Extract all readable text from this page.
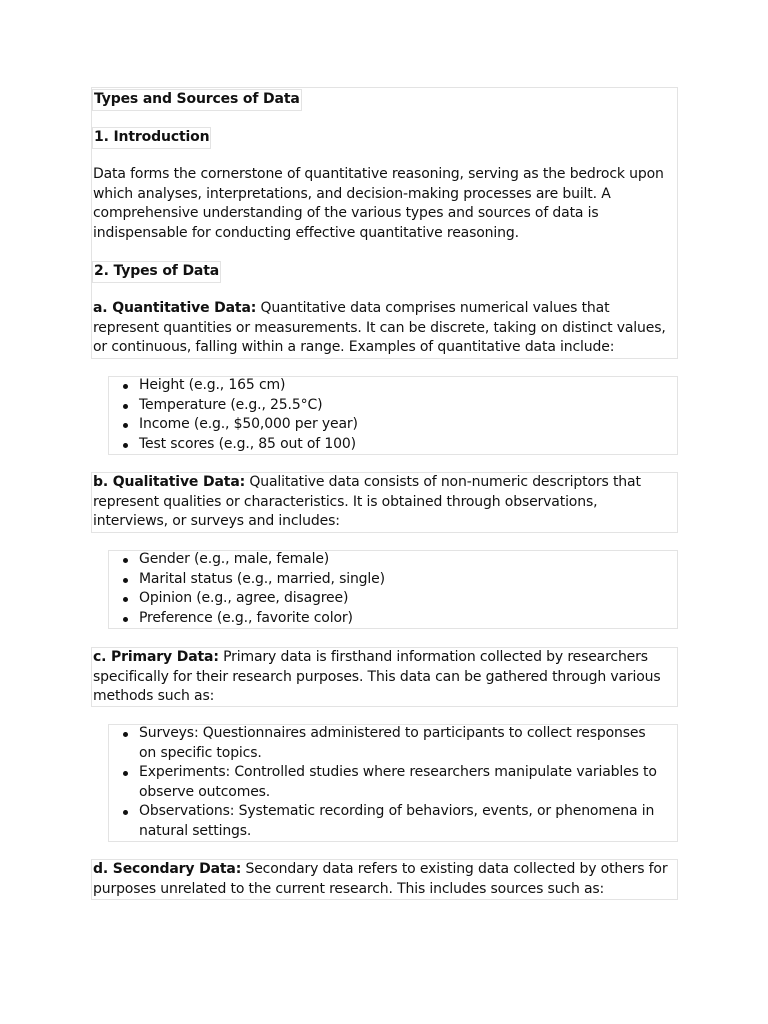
Types and Sources of Data
1. Introduction

Data forms the cornerstone of quantitative reasoning, serving as the bedrock upon which analyses, interpretations, and decision-making processes are built. A comprehensive understanding of the various types and sources of data is indispensable for conducting effective quantitative reasoning.

2. Types of Data

a. Quantitative Data: Quantitative data comprises numerical values that represent quantities or measurements. It can be discrete, taking on distinct values, or continuous, falling within a range. Examples of quantitative data include:

Height (e.g., 165 cm)
Temperature (e.g., 25.5°C)
Income (e.g., $50,000 per year)
Test scores (e.g., 85 out of 100)

b. Qualitative Data: Qualitative data consists of non-numeric descriptors that represent qualities or characteristics. It is obtained through observations, interviews, or surveys and includes:

Gender (e.g., male, female)
Marital status (e.g., married, single)
Opinion (e.g., agree, disagree)
Preference (e.g., favorite color)

c. Primary Data: Primary data is firsthand information collected by researchers specifically for their research purposes. This data can be gathered through various methods such as:

Surveys: Questionnaires administered to participants to collect responses on specific topics.
Experiments: Controlled studies where researchers manipulate variables to observe outcomes.
Observations: Systematic recording of behaviors, events, or phenomena in natural settings.

d. Secondary Data: Secondary data refers to existing data collected by others for purposes unrelated to the current research. This includes sources such as:
